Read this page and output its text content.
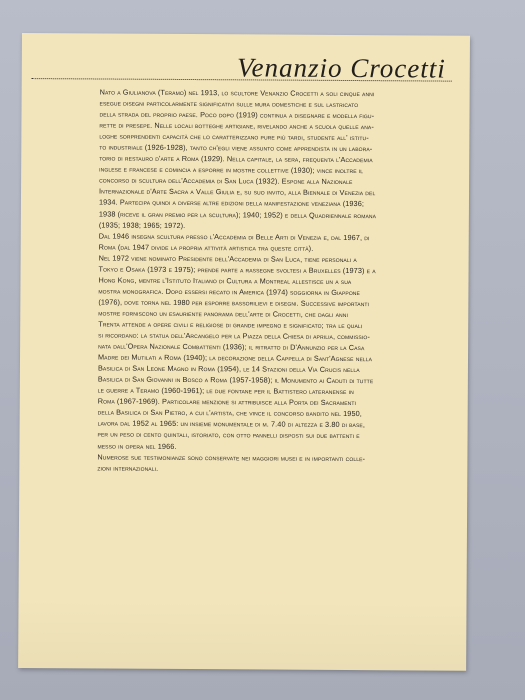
Venanzio Crocetti
Nato a Giulianova (Teramo) nel 1913, lo scultore Venanzio Crocetti a soli cinque anni
esegue disegni particolarmente significativi sulle mura domestiche e sul lastricato
della strada del proprio paese. Poco dopo (1919) continua a disegnare e modella figu-
rette di presepe. Nelle locali botteghe artigiane, rivelando anche a scuola quelle ana-
loghe sorprendenti capacità che lo caratterizzano pure più tardi, studente all' istitu-
to industriale (1926-1928), tanto ch'egli viene assunto come apprendista in un labora-
torio di restauro d'arte a Roma (1929). Nella capitale, la sera, frequenta l'Accademia
inglese e francese e comincia a esporre in mostre collettive (1930); vince inoltre il
concorso di scultura dell'Accademia di San Luca (1932). Espone alla Nazionale
Internazionale d'Arte Sacra a Valle Giulia e, su suo invito, alla Biennale di Venezia del
1934. Partecipa quindi a diverse altre edizioni della manifestazione veneziana (1936;
1938 (riceve il gran premio per la scultura); 1940; 1952) e della Quadriennale romana
(1935; 1938; 1965; 1972).
Dal 1946 insegna scultura presso l'Accademia di Belle Arti di Venezia e, dal 1967, di
Roma (dal 1947 divide la propria attività artistica tra queste città).
Nel 1972 viene nominato Presidente dell'Accademia di San Luca, tiene personali a
Tokyo e Osaka (1973 e 1975); prende parte a rassegne svoltesi a Bruxelles (1973) e a
Hong Kong, mentre l'Istituto Italiano di Cultura a Montreal allestisce un a sua
mostra monografica. Dopo essersi recato in America (1974) soggiorna in Giappone
(1976), dove torna nel 1980 per esporre bassorilievi e disegni. Successive importanti
mostre forniscono un esauriente panorama dell'arte di Crocetti, che dagli anni
Trenta attende a opere civili e religiose di grande impegno e significato; tra le quali
si ricordano: la statua dell'Arcangelo per la Piazza della Chiesa di aprilia, commissio-
nata dall'Opera Nazionale Combattenti (1936); il ritratto di D'Annunzio per la Casa
Madre dei Mutilati a Roma (1940); la decorazione della Cappella di Sant'Agnese nella
Basilica di San Leone Magno in Roma (1954), le 14 Stazioni della Via Crucis nella
Basilica di San Giovanni in Bosco a Roma (1957-1958); il Monumento ai Caduti di tutte
le guerre a Teramo (1960-1961); le due fontane per il Battistero lateranense in
Roma (1967-1969). Particolare menzione si attribuisce alla Porta dei Sacramenti
della Basilica di San Pietro, a cui l'artista, che vince il concorso bandito nel 1950,
lavora dal 1952 al 1965: un insieme monumentale di m. 7.40 di altezza e 3.80 di base,
per un peso di cento quintali, istoriato, con otto pannelli disposti sui due battenti e
messo in opera nel 1966.
Numerose sue testimonianze sono conservate nei maggiori musei e in importanti colle-
zioni internazionali.
